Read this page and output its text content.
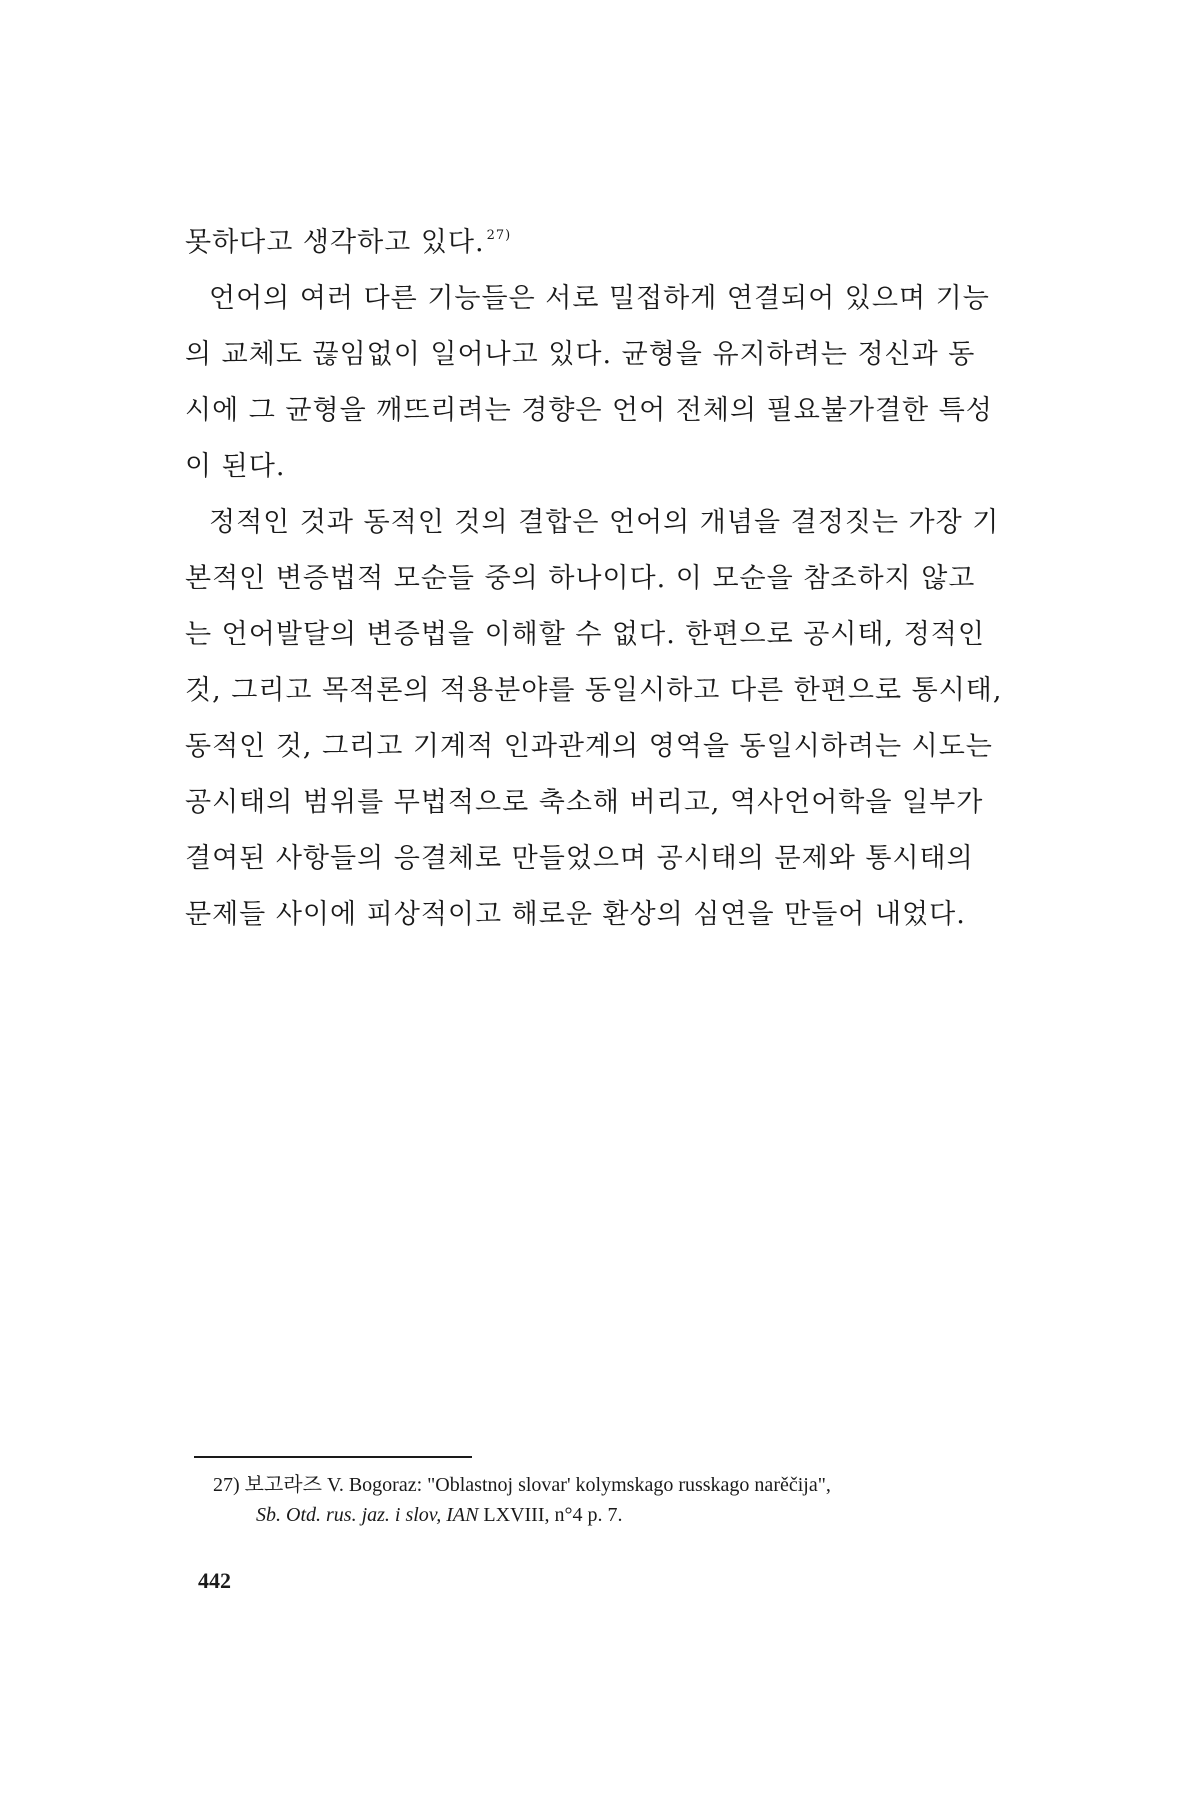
못하다고 생각하고 있다. $^{27)}$
언어의 여러 다른 기능들은 서로 밀접하게 연결되어 있으며 기능
의 교체도 끊임없이 일어나고 있다. 균형을 유지하려는 정신과 동
시에 그 균형을 깨뜨리려는 경향은 언어 전체의 필요불가결한 특성
이 된다.
정적인 것과 동적인 것의 결합은 언어의 개념을 결정짓는 가장 기
본적인 변증법적 모순들 중의 하나이다. 이 모순을 참조하지 않고
는 언어발달의 변증법을 이해할 수 없다. 한편으로 공시태, 정적인
것, 그리고 목적론의 적용분야를 동일시하고 다른 한편으로 통시태,
동적인 것, 그리고 기계적 인과관계의 영역을 동일시하려는 시도는
공시태의 범위를 무법적으로 축소해 버리고, 역사언어학을 일부가
결여된 사항들의 응결체로 만들었으며 공시태의 문제와 통시태의
문제들 사이에 피상적이고 해로운 환상의 심연을 만들어 내었다.
27) 보고라즈 V. Bogoraz: "Oblastnoj slovar' kolymskago russkago narěčija",
Sb. Otd. rus. jaz. i slov, IAN LXVIII, n°4 p. 7.
442
